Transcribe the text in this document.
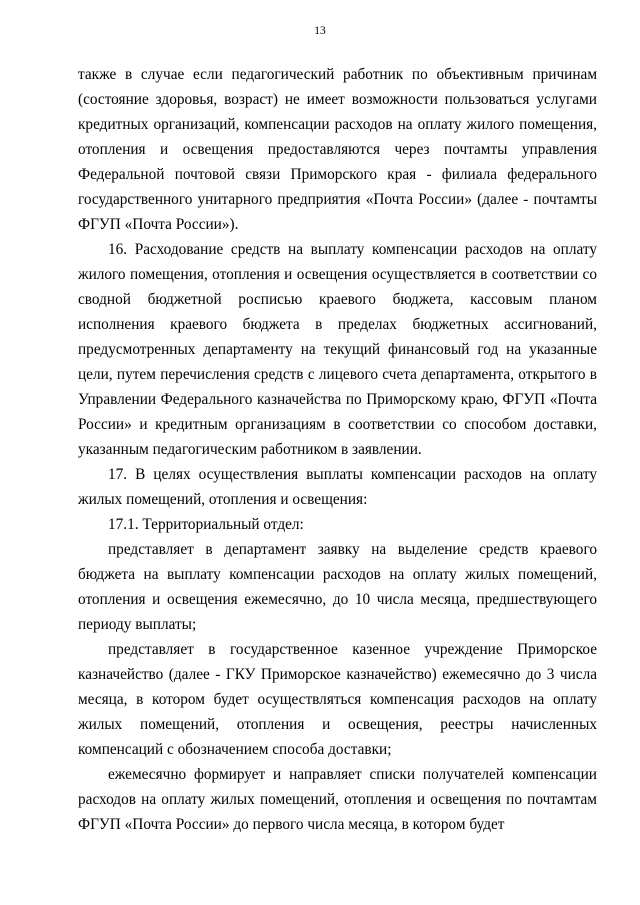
13

также в случае если педагогический работник по объективным причинам (состояние здоровья, возраст) не имеет возможности пользоваться услугами кредитных организаций, компенсации расходов на оплату жилого помещения, отопления и освещения предоставляются через почтамты управления Федеральной почтовой связи Приморского края - филиала федерального государственного унитарного предприятия «Почта России» (далее - почтамты ФГУП «Почта России»).

16. Расходование средств на выплату компенсации расходов на оплату жилого помещения, отопления и освещения осуществляется в соответствии со сводной бюджетной росписью краевого бюджета, кассовым планом исполнения краевого бюджета в пределах бюджетных ассигнований, предусмотренных департаменту на текущий финансовый год на указанные цели, путем перечисления средств с лицевого счета департамента, открытого в Управлении Федерального казначейства по Приморскому краю, ФГУП «Почта России» и кредитным организациям в соответствии со способом доставки, указанным педагогическим работником в заявлении.

17. В целях осуществления выплаты компенсации расходов на оплату жилых помещений, отопления и освещения:

17.1. Территориальный отдел:

представляет в департамент заявку на выделение средств краевого бюджета на выплату компенсации расходов на оплату жилых помещений, отопления и освещения ежемесячно, до 10 числа месяца, предшествующего периоду выплаты;

представляет в государственное казенное учреждение Приморское казначейство (далее - ГКУ Приморское казначейство) ежемесячно до 3 числа месяца, в котором будет осуществляться компенсация расходов на оплату жилых помещений, отопления и освещения, реестры начисленных компенсаций с обозначением способа доставки;

ежемесячно формирует и направляет списки получателей компенсации расходов на оплату жилых помещений, отопления и освещения по почтамтам ФГУП «Почта России» до первого числа месяца, в котором будет
